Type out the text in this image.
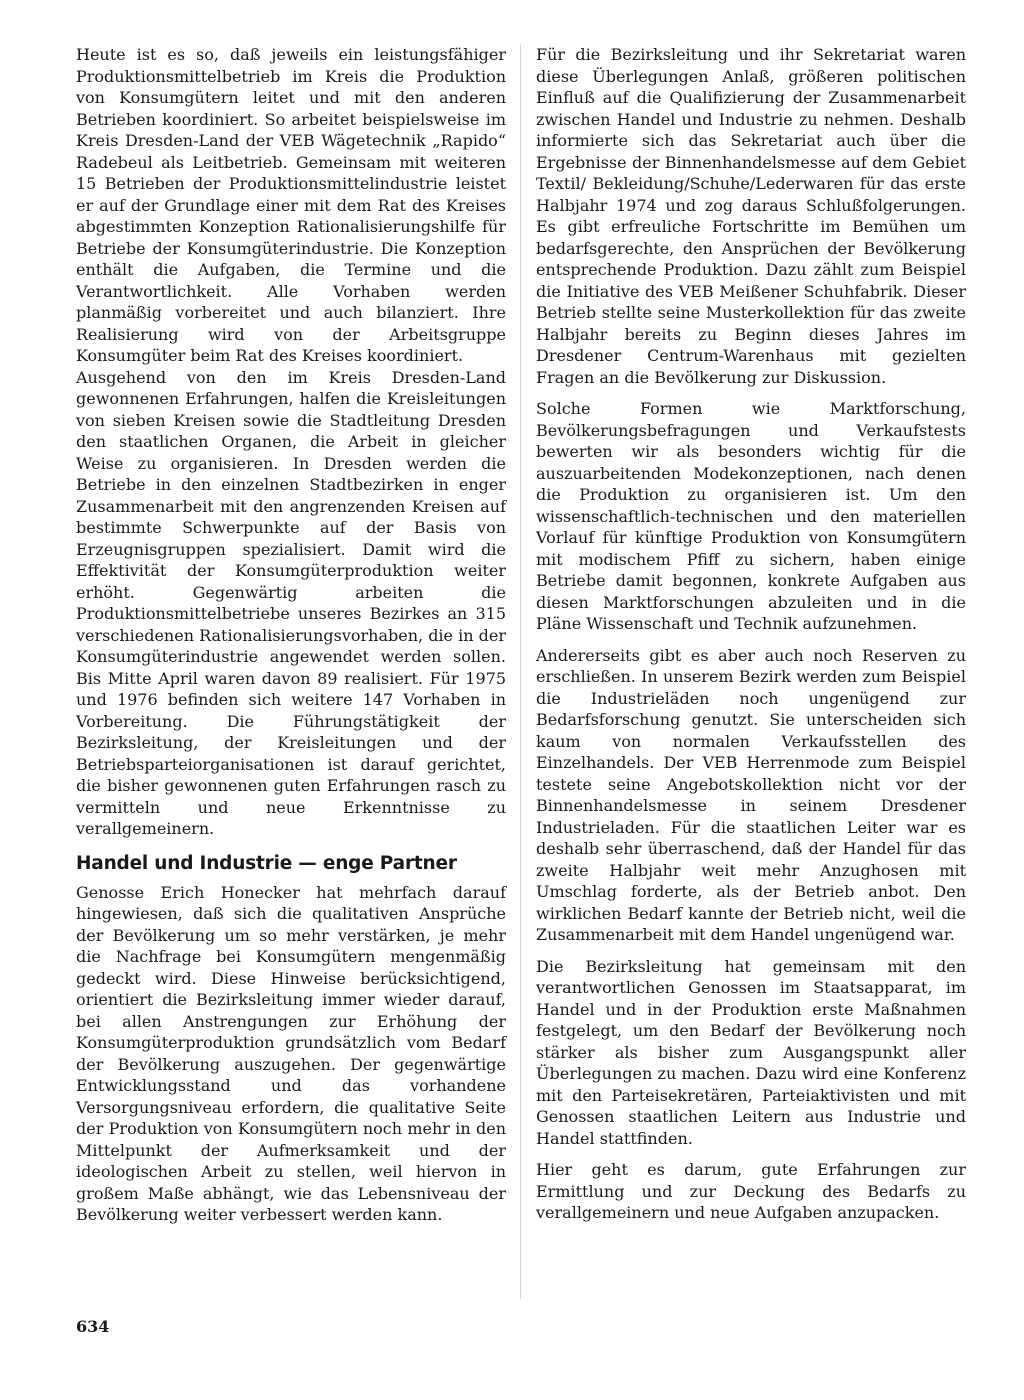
Heute ist es so, daß jeweils ein leistungsfähiger Produktionsmittelbetrieb im Kreis die Produktion von Konsumgütern leitet und mit den anderen Betrieben koordiniert. So arbeitet beispielsweise im Kreis Dresden-Land der VEB Wägetechnik „Rapido“ Radebeul als Leitbetrieb. Gemeinsam mit weiteren 15 Betrieben der Produktionsmittelindustrie leistet er auf der Grundlage einer mit dem Rat des Kreises abgestimmten Konzeption Rationalisierungshilfe für Betriebe der Konsumgüterindustrie. Die Konzeption enthält die Aufgaben, die Termine und die Verantwortlichkeit. Alle Vorhaben werden planmäßig vorbereitet und auch bilanziert. Ihre Realisierung wird von der Arbeitsgruppe Konsumgüter beim Rat des Kreises koordiniert.

Ausgehend von den im Kreis Dresden-Land gewonnenen Erfahrungen, halfen die Kreisleitungen von sieben Kreisen sowie die Stadtleitung Dresden den staatlichen Organen, die Arbeit in gleicher Weise zu organisieren. In Dresden werden die Betriebe in den einzelnen Stadtbezirken in enger Zusammenarbeit mit den angrenzenden Kreisen auf bestimmte Schwerpunkte auf der Basis von Erzeugnisgruppen spezialisiert. Damit wird die Effektivität der Konsumgüterproduktion weiter erhöht. Gegenwärtig arbeiten die Produktionsmittelbetriebe unseres Bezirkes an 315 verschiedenen Rationalisierungsvorhaben, die in der Konsumgüterindustrie angewendet werden sollen. Bis Mitte April waren davon 89 realisiert. Für 1975 und 1976 befinden sich weitere 147 Vorhaben in Vorbereitung. Die Führungstätigkeit der Bezirksleitung, der Kreisleitungen und der Betriebsparteiorganisationen ist darauf gerichtet, die bisher gewonnenen guten Erfahrungen rasch zu vermitteln und neue Erkenntnisse zu verallgemeinern.

Handel und Industrie — enge Partner

Genosse Erich Honecker hat mehrfach darauf hingewiesen, daß sich die qualitativen Ansprüche der Bevölkerung um so mehr verstärken, je mehr die Nachfrage bei Konsumgütern mengenmäßig gedeckt wird. Diese Hinweise berücksichtigend, orientiert die Bezirksleitung immer wieder darauf, bei allen Anstrengungen zur Erhöhung der Konsumgüterproduktion grundsätzlich vom Bedarf der Bevölkerung auszugehen. Der gegenwärtige Entwicklungsstand und das vorhandene Versorgungsniveau erfordern, die qualitative Seite der Produktion von Konsumgütern noch mehr in den Mittelpunkt der Aufmerksamkeit und der ideologischen Arbeit zu stellen, weil hiervon in großem Maße abhängt, wie das Lebensniveau der Bevölkerung weiter verbessert werden kann.

Für die Bezirksleitung und ihr Sekretariat waren diese Überlegungen Anlaß, größeren politischen Einfluß auf die Qualifizierung der Zusammenarbeit zwischen Handel und Industrie zu nehmen. Deshalb informierte sich das Sekretariat auch über die Ergebnisse der Binnenhandelsmesse auf dem Gebiet Textil/ Bekleidung/Schuhe/Lederwaren für das erste Halbjahr 1974 und zog daraus Schlußfolgerungen. Es gibt erfreuliche Fortschritte im Bemühen um bedarfsgerechte, den Ansprüchen der Bevölkerung entsprechende Produktion. Dazu zählt zum Beispiel die Initiative des VEB Meißener Schuhfabrik. Dieser Betrieb stellte seine Musterkollektion für das zweite Halbjahr bereits zu Beginn dieses Jahres im Dresdener Centrum-Warenhaus mit gezielten Fragen an die Bevölkerung zur Diskussion.

Solche Formen wie Marktforschung, Bevölkerungsbefragungen und Verkaufstests bewerten wir als besonders wichtig für die auszuarbeitenden Modekonzeptionen, nach denen die Produktion zu organisieren ist. Um den wissenschaftlich-technischen und den materiellen Vorlauf für künftige Produktion von Konsumgütern mit modischem Pfiff zu sichern, haben einige Betriebe damit begonnen, konkrete Aufgaben aus diesen Marktforschungen abzuleiten und in die Pläne Wissenschaft und Technik aufzunehmen.

Andererseits gibt es aber auch noch Reserven zu erschließen. In unserem Bezirk werden zum Beispiel die Industrieläden noch ungenügend zur Bedarfsforschung genutzt. Sie unterscheiden sich kaum von normalen Verkaufsstellen des Einzelhandels. Der VEB Herrenmode zum Beispiel testete seine Angebotskollektion nicht vor der Binnenhandelsmesse in seinem Dresdener Industrieladen. Für die staatlichen Leiter war es deshalb sehr überraschend, daß der Handel für das zweite Halbjahr weit mehr Anzughosen mit Umschlag forderte, als der Betrieb anbot. Den wirklichen Bedarf kannte der Betrieb nicht, weil die Zusammenarbeit mit dem Handel ungenügend war.

Die Bezirksleitung hat gemeinsam mit den verantwortlichen Genossen im Staatsapparat, im Handel und in der Produktion erste Maßnahmen festgelegt, um den Bedarf der Bevölkerung noch stärker als bisher zum Ausgangspunkt aller Überlegungen zu machen. Dazu wird eine Konferenz mit den Parteisekretären, Parteiaktivisten und mit Genossen staatlichen Leitern aus Industrie und Handel stattfinden.

Hier geht es darum, gute Erfahrungen zur Ermittlung und zur Deckung des Bedarfs zu verallgemeinern und neue Aufgaben anzupacken.

634
